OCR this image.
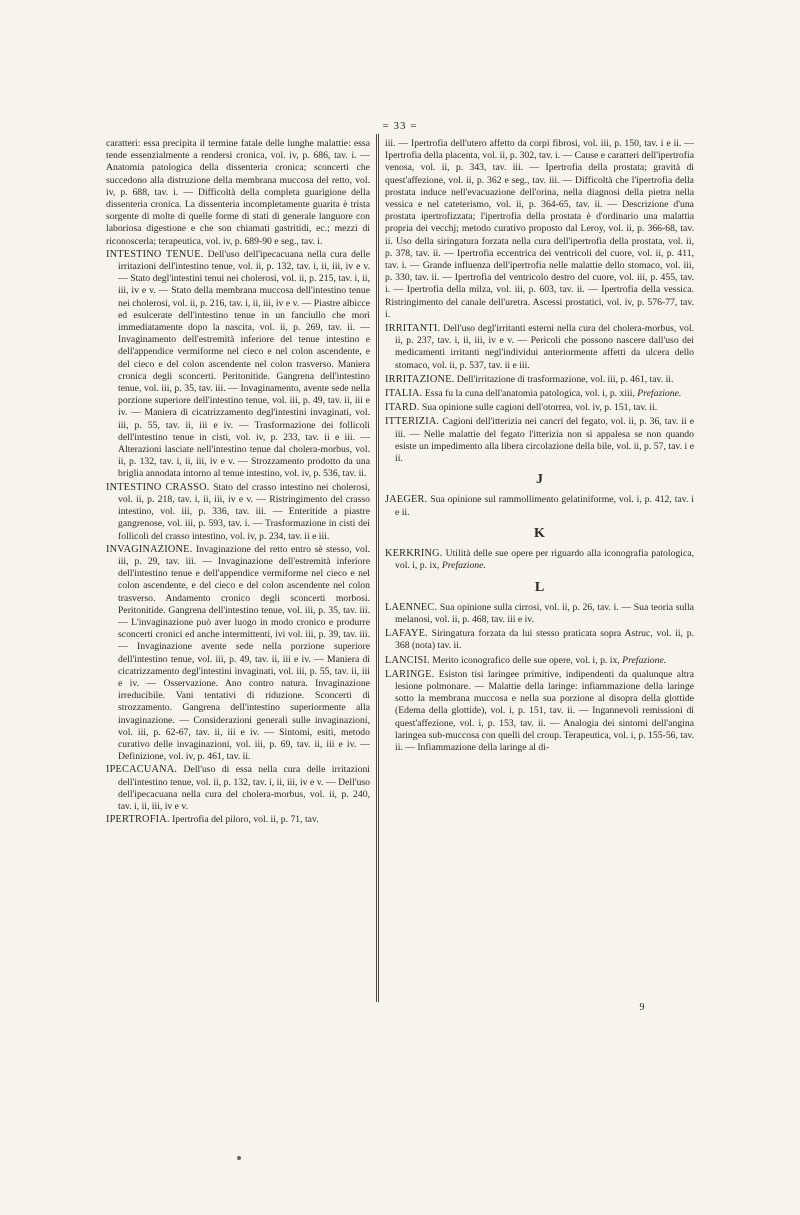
= 33 =

caratteri: essa precipita il termine fatale delle lunghe malattie: essa tende essenzialmente a rendersi cronica, vol. iv, p. 686, tav. i. — Anatomia patologica della dissenteria cronica; sconcerti che succedono alla distruzione della membrana muccosa del retto, vol. iv, p. 688, tav. i. — Difficoltà della completa guarigione della dissenteria cronica. La dissenteria incompletamente guarita è trista sorgente di molte di quelle forme di stati di generale languore con laboriosa digestione e che son chiamati gastritidi, ec.; mezzi di riconoscerla; terapeutica, vol. iv, p. 689-90 e seg., tav. i.

INTESTINO TENUE. Dell'uso dell'ipecacuana nella cura delle irritazioni dell'intestino tenue, vol. ii, p. 132, tav. i, ii, iii, iv e v. — Stato degl'intestini tenui nei cholerosi, vol. ii, p. 215, tav. i, ii, iii, iv e v. — Stato della membrana muccosa dell'intestino tenue nei cholerosi, vol. ii, p. 216, tav. i, ii, iii, iv e v. — Piastre albicce ed esulcerate dell'intestino tenue in un fanciullo che morì immediatamente dopo la nascita, vol. ii, p. 269, tav. ii. — Invaginamento dell'estremità inferiore del tenue intestino e dell'appendice vermiforme nel cieco e nel colon ascendente, e del cieco e del colon ascendente nel colon trasverso. Maniera cronica degli sconcerti. Peritonitide. Gangrena dell'intestino tenue, vol. iii, p. 35, tav. iii. — Invaginamento, avente sede nella porzione superiore dell'intestino tenue, vol. iii, p. 49, tav. ii, iii e iv. — Maniera di cicatrizzamento degl'intestini invaginati, vol. iii, p. 55, tav. ii, iii e iv. — Trasformazione dei follicoli dell'intestino tenue in cisti, vol. iv, p. 233, tav. ii e iii. — Alterazioni lasciate nell'intestino tenue dal cholera-morbus, vol. ii, p. 132, tav. i, ii, iii, iv e v. — Strozzamento prodotto da una briglia annodata intorno al tenue intestino, vol. iv, p. 536, tav. ii.

INTESTINO CRASSO. Stato del crasso intestino nei cholerosi, vol. ii, p. 218, tav. i, ii, iii, iv e v. — Ristringimento del crasso intestino, vol. iii, p. 336, tav. iii. — Enteritide a piastre gangrenose, vol. iii, p. 593, tav. i. — Trasformazione in cisti dei follicoli del crasso intestino, vol. iv, p. 234, tav. ii e iii.

INVAGINAZIONE. Invaginazione del retto entro sè stesso, vol. iii, p. 29, tav. iii. — Invaginazione dell'estremità inferiore dell'intestino tenue e dell'appendice vermiforme nel cieco e nel colon ascendente, e del cieco e del colon ascendente nel colon trasverso. Andamento cronico degli sconcerti morbosi. Peritonitide. Gangrena dell'intestino tenue, vol. iii, p. 35, tav. iii. — L'invaginazione può aver luogo in modo cronico e produrre sconcerti cronici ed anche intermittenti, ivi vol. iii, p. 39, tav. iii. — Invaginazione avente sede nella porzione superiore dell'intestino tenue, vol. iii, p. 49, tav. ii, iii e iv. — Maniera di cicatrizzamento degl'intestini invaginati, vol. iii, p. 55, tav. ii, iii e iv. — Osservazione. Ano contro natura. Invaginazione irreducibile. Vani tentativi di riduzione. Sconcerti di strozzamento. Gangrena dell'intestino superiormente alla invaginazione. — Considerazioni generali sulle invaginazioni, vol. iii, p. 62-67, tav. ii, iii e iv. — Sintomi, esiti, metodo curativo delle invaginazioni, vol. iii, p. 69, tav. ii, iii e iv. — Definizione, vol. iv, p. 461, tav. ii.

IPECACUANA. Dell'uso di essa nella cura delle irritazioni dell'intestino tenue, vol. ii, p. 132, tav. i, ii, iii, iv e v. — Dell'uso dell'ipecacuana nella cura del cholera-morbus, vol. ii, p. 240, tav. i, ii, iii, iv e v.

IPERTROFIA. Ipertrofia del piloro, vol. ii, p. 71, tav.

iii. — Ipertrofia dell'utero affetto da corpi fibrosi, vol. iii, p. 150, tav. i e ii. — Ipertrofia della placenta, vol. ii, p. 302, tav. i. — Cause e caratteri dell'ipertrofia venosa, vol. ii, p. 343, tav. iii. — Ipertrofia della prostata; gravità di quest'affezione, vol. ii, p. 362 e seg., tav. iii. — Difficoltà che l'ipertrofia della prostata induce nell'evacuazione dell'orina, nella diagnosi della pietra nella vessica e nel cateterismo, vol. ii, p. 364-65, tav. ii. — Descrizione d'una prostata ipertrofizzata; l'ipertrofia della prostata è d'ordinario una malattia propria dei vecchj; metodo curativo proposto dal Leroy, vol. ii, p. 366-68, tav. ii. Uso della siringatura forzata nella cura dell'ipertrofia della prostata, vol. ii, p. 378, tav. ii. — Ipertrofia eccentrica dei ventricoli del cuore, vol. ii, p. 411, tav. i. — Grande influenza dell'ipertrofia nelle malattie dello stomaco, vol. iii, p. 330, tav. ii. — Ipertrofia del ventricolo destro del cuore, vol. iii, p. 455, tav. i. — Ipertrofia della milza, vol. iii, p. 603, tav. ii. — Ipertrofia della vessica. Ristringimento del canale dell'uretra. Ascessi prostatici, vol. iv, p. 576-77, tav. i.

IRRITANTI. Dell'uso degl'irritanti esterni nella cura del cholera-morbus, vol. ii, p. 237, tav. i, ii, iii, iv e v. — Pericoli che possono nascere dall'uso dei medicamenti irritanti negl'individui anteriormente affetti da ulcera dello stomaco, vol. ii, p. 537, tav. ii e iii.

IRRITAZIONE. Dell'irritazione di trasformazione, vol. iii, p. 461, tav. ii.

ITALIA. Essa fu la cuna dell'anatomia patologica, vol. i, p. xiii, Prefazione.

ITARD. Sua opinione sulle cagioni dell'otorrea, vol. iv, p. 151, tav. ii.

ITTERIZIA. Cagioni dell'itterizia nei cancri del fegato, vol. ii, p. 36, tav. ii e iii. — Nelle malattie del fegato l'itterizia non si appalesa se non quando esiste un impedimento alla libera circolazione della bile, vol. ii, p. 57, tav. i e ii.

J

JAEGER. Sua opinione sul rammollimento gelatiniforme, vol. i, p. 412, tav. i e ii.

K

KERKRING. Utilità delle sue opere per riguardo alla iconografia patologica, vol. i, p. ix, Prefazione.

L

LAENNEC. Sua opinione sulla cirrosi, vol. ii, p. 26, tav. i. — Sua teoria sulla melanosi, vol. ii, p. 468, tav. iii e iv.

LAFAYE. Siringatura forzata da lui stesso praticata sopra Astruc, vol. ii, p. 368 (nota) tav. ii.

LANCISI. Merito iconografico delle sue opere, vol. i, p. ix, Prefazione.

LARINGE. Esiston tisi laringee primitive, indipendenti da qualunque altra lesione polmonare. — Malattie della laringe: infiammazione della laringe sotto la membrana muccosa e nella sua porzione al disopra della glottide (Edema della glottide), vol. i, p. 151, tav. ii. — Ingannevoli remissioni di quest'affezione, vol. i, p. 153, tav. ii. — Analogia dei sintomi dell'angina laringea sub-muccosa con quelli del croup. Terapeutica, vol. i, p. 155-56, tav. ii. — Infiammazione della laringe al di-

9
